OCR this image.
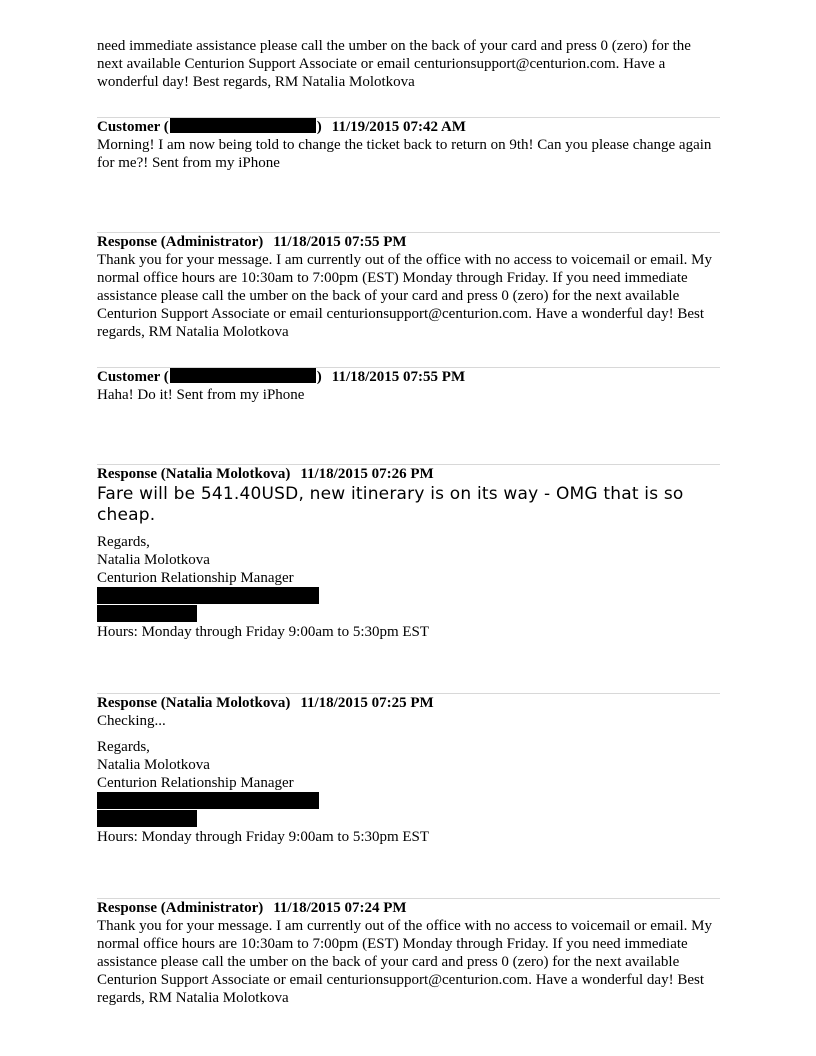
need immediate assistance please call the umber on the back of your card and press 0 (zero) for the next available Centurion Support Associate or email centurionsupport@centurion.com. Have a wonderful day! Best regards, RM Natalia Molotkova
Customer (	) 11/19/2015 07:42 AM
Morning! I am now being told to change the ticket back to return on 9th! Can you please change again for me?! Sent from my iPhone
Response (Administrator) 11/18/2015 07:55 PM
Thank you for your message. I am currently out of the office with no access to voicemail or email. My normal office hours are 10:30am to 7:00pm (EST) Monday through Friday. If you need immediate assistance please call the umber on the back of your card and press 0 (zero) for the next available Centurion Support Associate or email centurionsupport@centurion.com. Have a wonderful day! Best regards, RM Natalia Molotkova
Customer (	) 11/18/2015 07:55 PM
Haha! Do it! Sent from my iPhone
Response (Natalia Molotkova) 11/18/2015 07:26 PM
Fare will be 541.40USD, new itinerary is on its way - OMG that is so cheap.
Regards,
Natalia Molotkova
Centurion Relationship Manager
Hours: Monday through Friday 9:00am to 5:30pm EST
Response (Natalia Molotkova) 11/18/2015 07:25 PM
Checking...
Regards,
Natalia Molotkova
Centurion Relationship Manager
Hours: Monday through Friday 9:00am to 5:30pm EST
Response (Administrator) 11/18/2015 07:24 PM
Thank you for your message. I am currently out of the office with no access to voicemail or email. My normal office hours are 10:30am to 7:00pm (EST) Monday through Friday. If you need immediate assistance please call the umber on the back of your card and press 0 (zero) for the next available Centurion Support Associate or email centurionsupport@centurion.com. Have a wonderful day! Best regards, RM Natalia Molotkova
